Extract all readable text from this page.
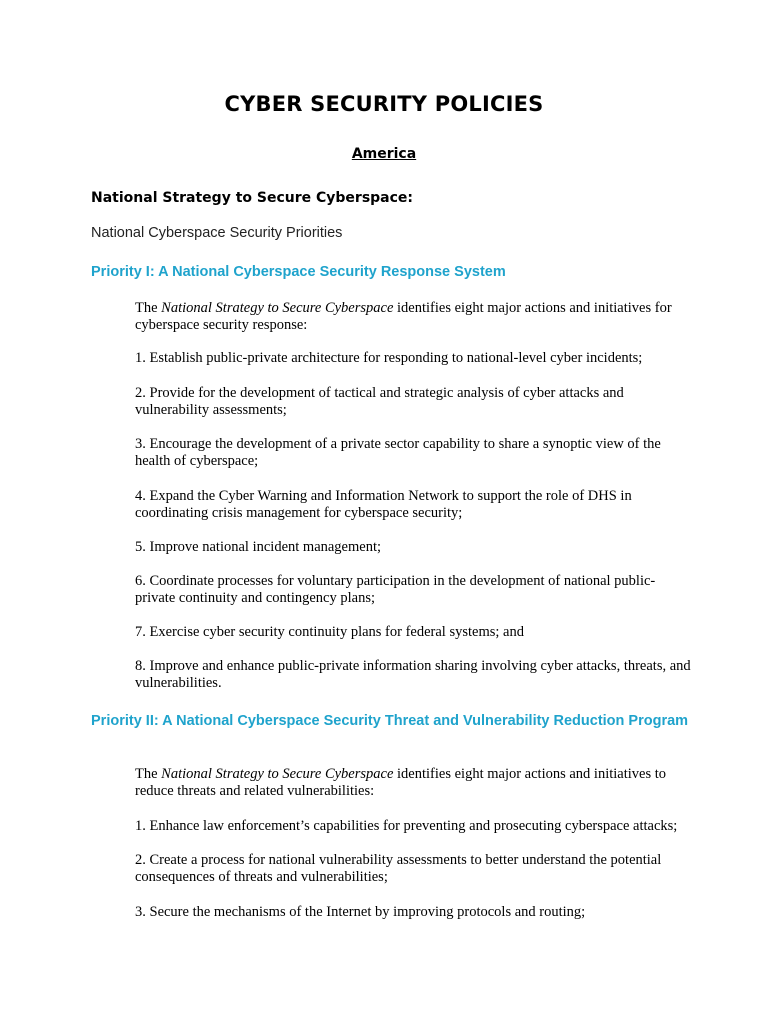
CYBER SECURITY POLICIES
America
National Strategy to Secure Cyberspace:
National Cyberspace Security Priorities
Priority I: A National Cyberspace Security Response System
The National Strategy to Secure Cyberspace identifies eight major actions and initiatives for cyberspace security response:
1. Establish public-private architecture for responding to national-level cyber incidents;
2. Provide for the development of tactical and strategic analysis of cyber attacks and vulnerability assessments;
3. Encourage the development of a private sector capability to share a synoptic view of the health of cyberspace;
4. Expand the Cyber Warning and Information Network to support the role of DHS in coordinating crisis management for cyberspace security;
5. Improve national incident management;
6. Coordinate processes for voluntary participation in the development of national public-private continuity and contingency plans;
7. Exercise cyber security continuity plans for federal systems; and
8. Improve and enhance public-private information sharing involving cyber attacks, threats, and vulnerabilities.
Priority II: A National Cyberspace Security Threat and Vulnerability Reduction Program
The National Strategy to Secure Cyberspace identifies eight major actions and initiatives to reduce threats and related vulnerabilities:
1. Enhance law enforcement’s capabilities for preventing and prosecuting cyberspace attacks;
2. Create a process for national vulnerability assessments to better understand the potential consequences of threats and vulnerabilities;
3. Secure the mechanisms of the Internet by improving protocols and routing;
